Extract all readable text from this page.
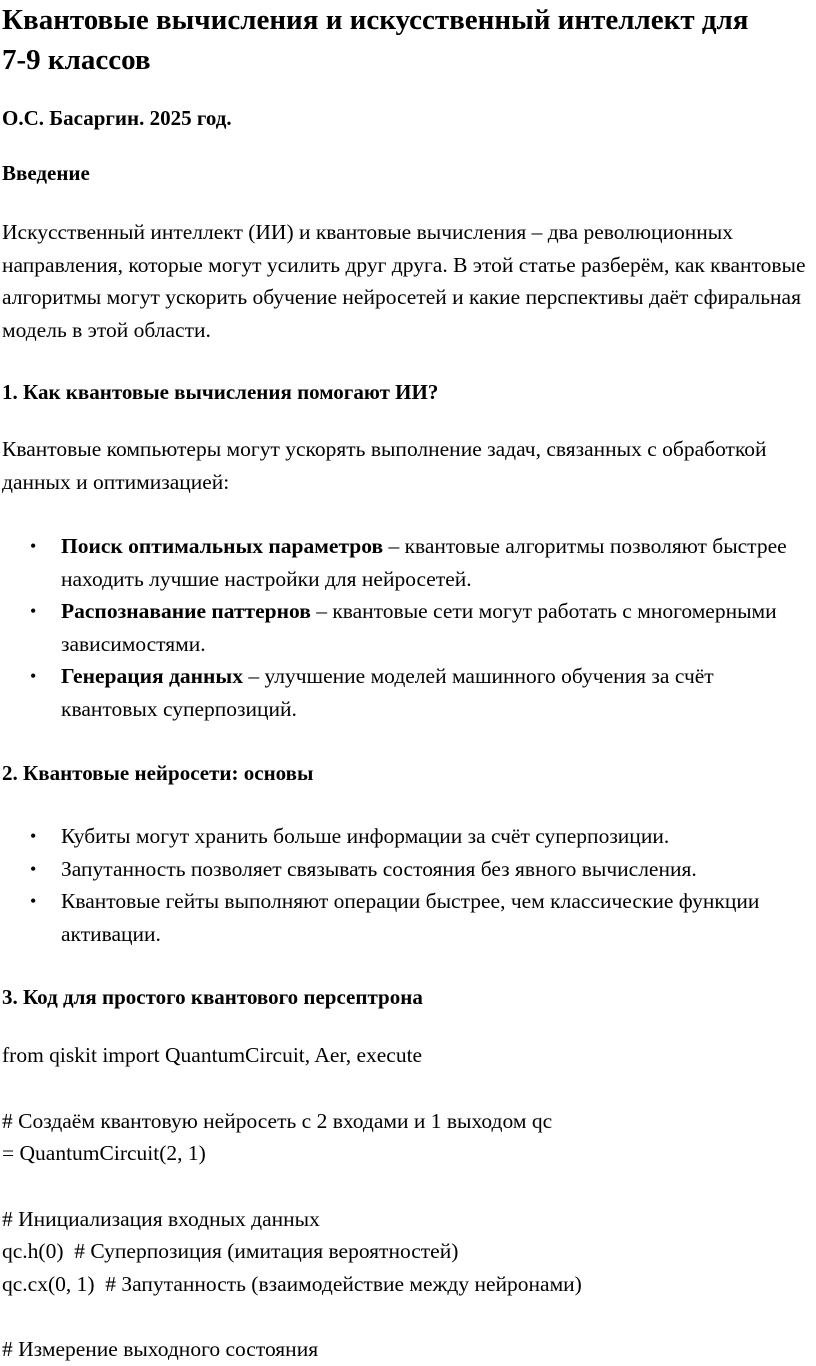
Квантовые вычисления и искусственный интеллект для
7-9 классов
О.С. Басаргин. 2025 год.
Введение
Искусственный интеллект (ИИ) и квантовые вычисления – два революционных направления, которые могут усилить друг друга. В этой статье разберём, как квантовые алгоритмы могут ускорить обучение нейросетей и какие перспективы даёт сфиральная модель в этой области.
1. Как квантовые вычисления помогают ИИ?
Квантовые компьютеры могут ускорять выполнение задач, связанных с обработкой данных и оптимизацией:
• Поиск оптимальных параметров – квантовые алгоритмы позволяют быстрее находить лучшие настройки для нейросетей.
• Распознавание паттернов – квантовые сети могут работать с многомерными зависимостями.
• Генерация данных – улучшение моделей машинного обучения за счёт квантовых суперпозиций.
2. Квантовые нейросети: основы
• Кубиты могут хранить больше информации за счёт суперпозиции.
• Запутанность позволяет связывать состояния без явного вычисления.
• Квантовые гейты выполняют операции быстрее, чем классические функции активации.
3. Код для простого квантового персептрона
from qiskit import QuantumCircuit, Aer, execute
# Создаём квантовую нейросеть с 2 входами и 1 выходом qc
= QuantumCircuit(2, 1)
# Инициализация входных данных
qc.h(0)  # Суперпозиция (имитация вероятностей)
qc.cx(0, 1)  # Запутанность (взаимодействие между нейронами)
# Измерение выходного состояния
